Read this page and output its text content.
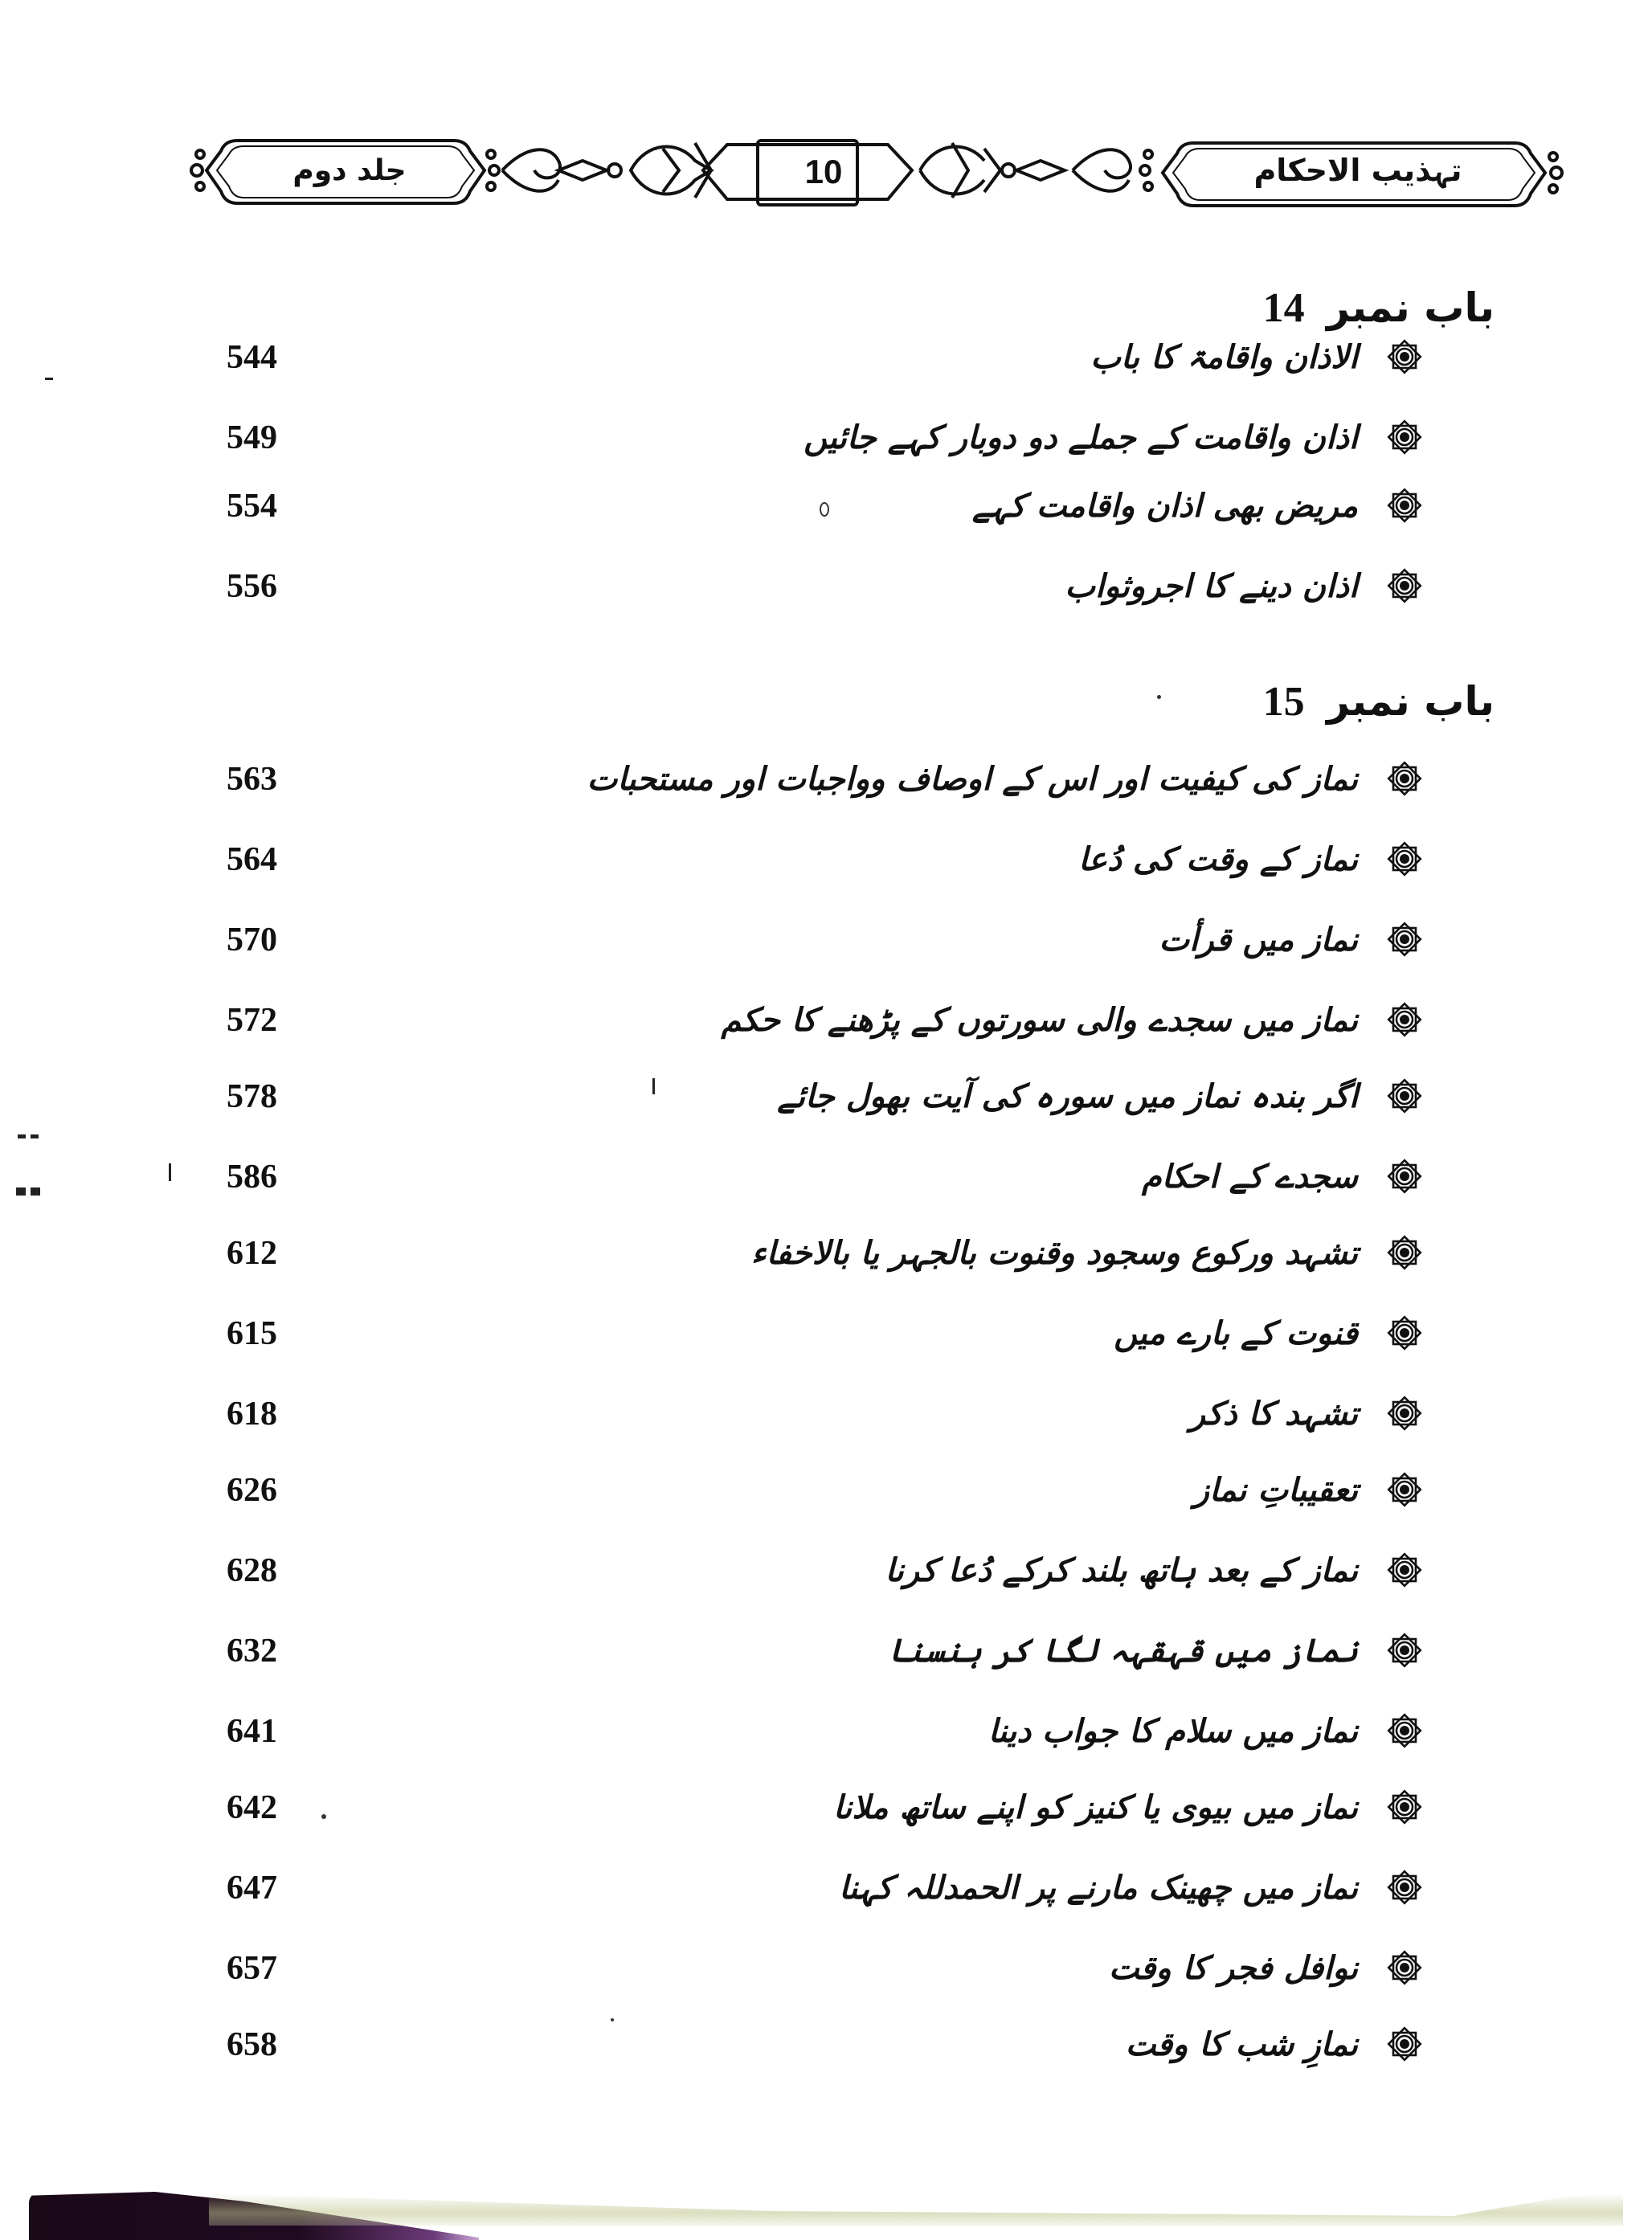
جلد دوم	10	تہذیب الاحکام
باب نمبر 14
الاذان واقامۃ کا باب
544
اذان واقامت کے جملے دو دوبار کہے جائیں
549
مریض بھی اذان واقامت کہے
554
اذان دینے کا اجروثواب
556
باب نمبر 15
نماز کی کیفیت اور اس کے اوصاف وواجبات اور مستحبات
563
نماز کے وقت کی دُعا
564
نماز میں قرأت
570
نماز میں سجدے والی سورتوں کے پڑھنے کا حکم
572
اگر بندہ نماز میں سورہ کی آیت بھول جائے
578
سجدے کے احکام
586
تشہد ورکوع وسجود وقنوت بالجہر یا بالاخفاء
612
قنوت کے بارے میں
615
تشہد کا ذکر
618
تعقیباتِ نماز
626
نماز کے بعد ہاتھ بلند کرکے دُعا کرنا
628
نماز میں قہقہہ لگا کر ہنسنا
632
نماز میں سلام کا جواب دینا
641
نماز میں بیوی یا کنیز کو اپنے ساتھ ملانا
642
نماز میں چھینک مارنے پر الحمدللہ کہنا
647
نوافل فجر کا وقت
657
نمازِ شب کا وقت
658
